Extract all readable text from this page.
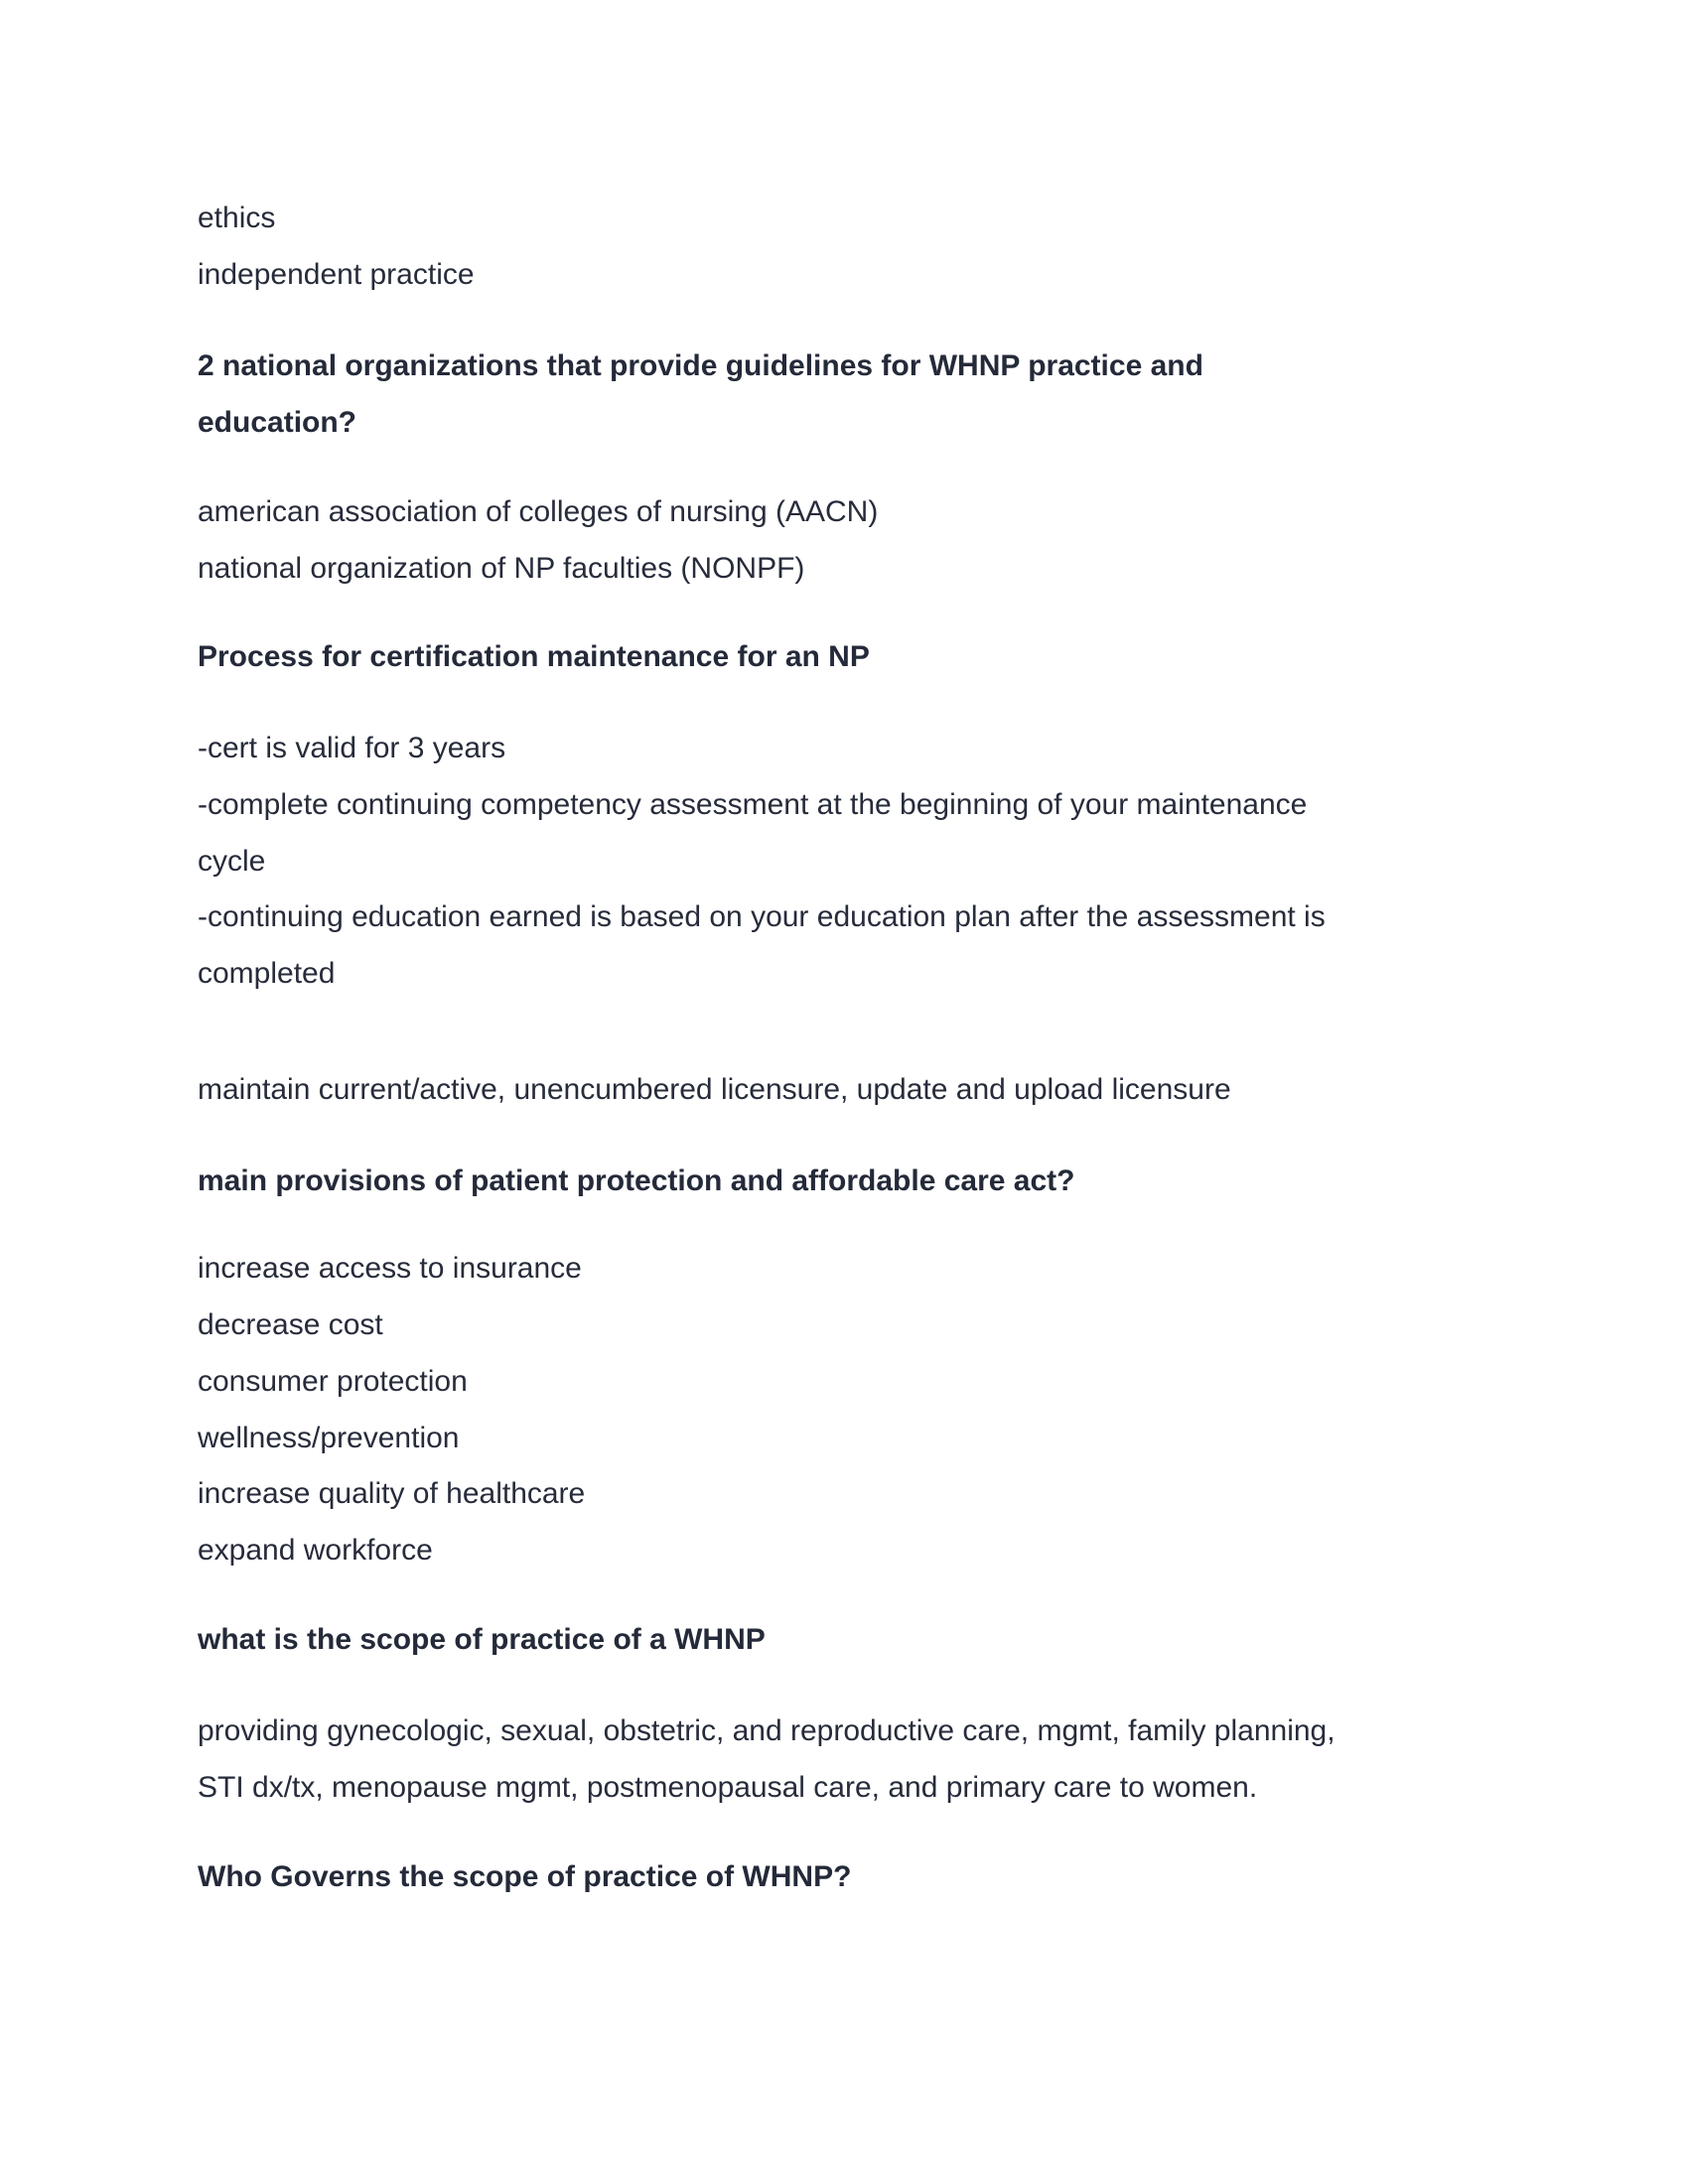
ethics
independent practice
2 national organizations that provide guidelines for WHNP practice and
education?
american association of colleges of nursing (AACN)
national organization of NP faculties (NONPF)
Process for certification maintenance for an NP
-cert is valid for 3 years
-complete continuing competency assessment at the beginning of your maintenance
cycle
-continuing education earned is based on your education plan after the assessment is
completed
maintain current/active, unencumbered licensure, update and upload licensure
main provisions of patient protection and affordable care act?
increase access to insurance
decrease cost
consumer protection
wellness/prevention
increase quality of healthcare
expand workforce
what is the scope of practice of a WHNP
providing gynecologic, sexual, obstetric, and reproductive care, mgmt, family planning,
STI dx/tx, menopause mgmt, postmenopausal care, and primary care to women.
Who Governs the scope of practice of WHNP?
